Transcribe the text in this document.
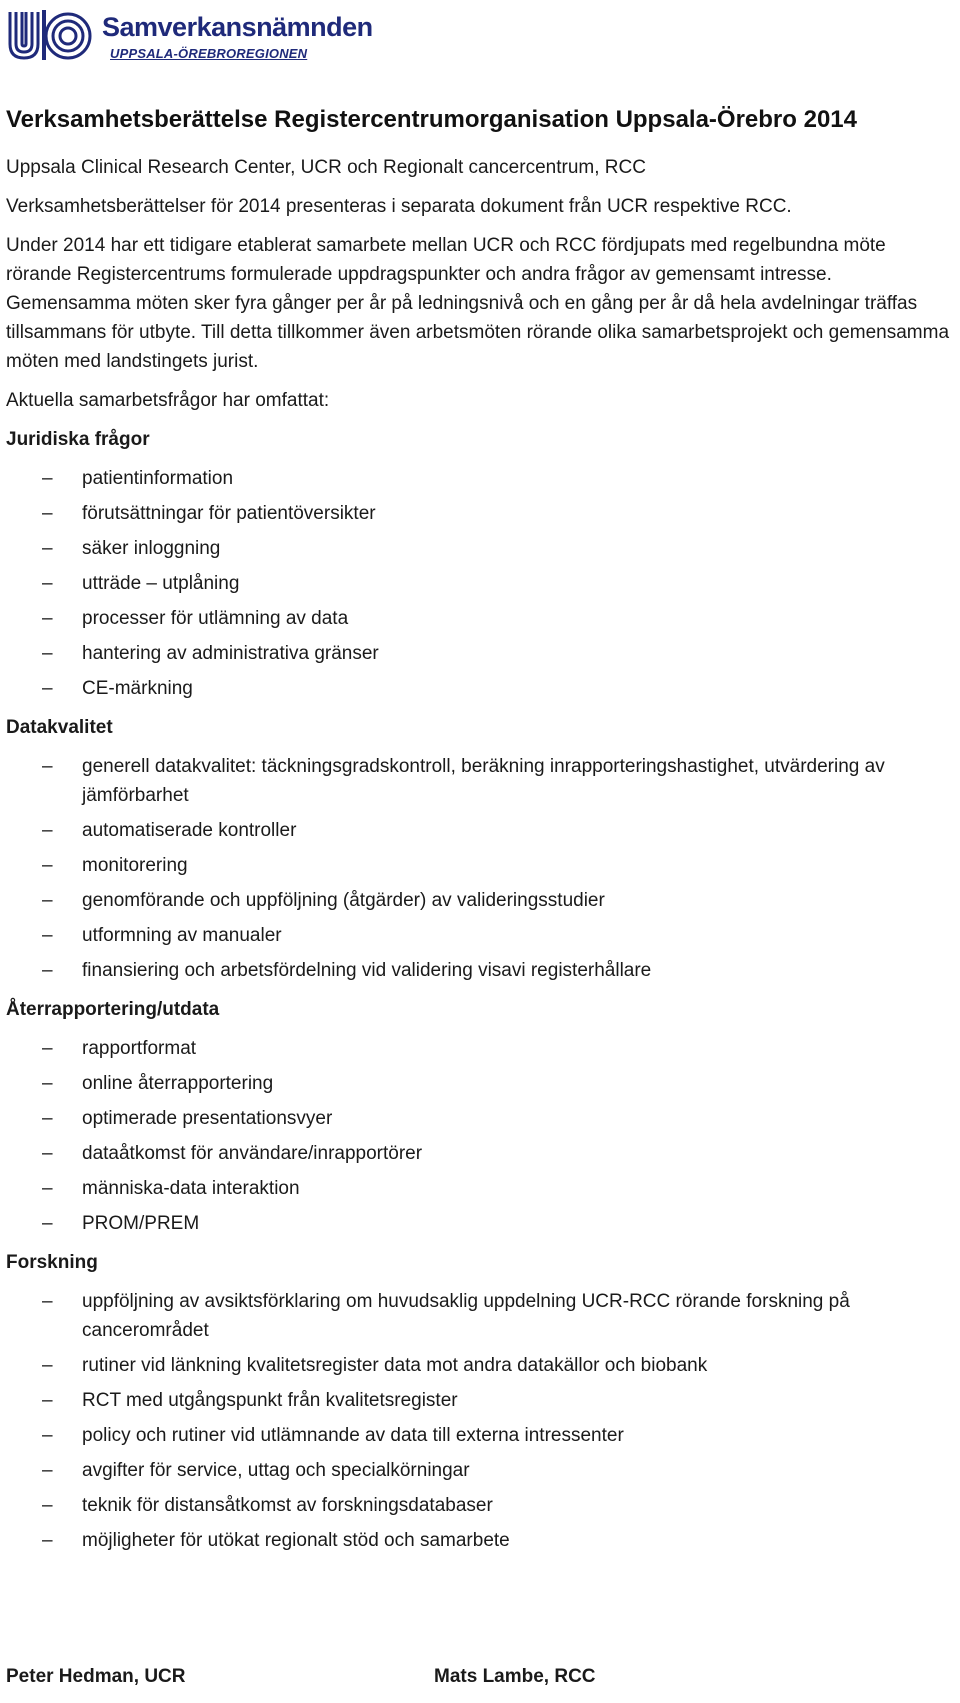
Samverkansnämnden
UPPSALA-ÖREBROREGIONEN
Verksamhetsberättelse Registercentrumorganisation Uppsala-Örebro 2014

Uppsala Clinical Research Center, UCR och Regionalt cancercentrum, RCC

Verksamhetsberättelser för 2014 presenteras i separata dokument från UCR respektive RCC.

Under 2014 har ett tidigare etablerat samarbete mellan UCR och RCC fördjupats med regelbundna möte rörande Registercentrums formulerade uppdragspunkter och andra frågor av gemensamt intresse. Gemensamma möten sker fyra gånger per år på ledningsnivå och en gång per år då hela avdelningar träffas tillsammans för utbyte. Till detta tillkommer även arbetsmöten rörande olika samarbetsprojekt och gemensamma möten med landstingets jurist.

Aktuella samarbetsfrågor har omfattat:

Juridiska frågor
– patientinformation
– förutsättningar för patientöversikter
– säker inloggning
– utträde – utplåning
– processer för utlämning av data
– hantering av administrativa gränser
– CE-märkning
Datakvalitet
– generell datakvalitet: täckningsgradskontroll, beräkning inrapporteringshastighet, utvärdering av jämförbarhet
– automatiserade kontroller
– monitorering
– genomförande och uppföljning (åtgärder) av valideringsstudier
– utformning av manualer
– finansiering och arbetsfördelning vid validering visavi registerhållare
Återrapportering/utdata
– rapportformat
– online återrapportering
– optimerade presentationsvyer
– dataåtkomst för användare/inrapportörer
– människa-data interaktion
– PROM/PREM
Forskning
– uppföljning av avsiktsförklaring om huvudsaklig uppdelning UCR-RCC rörande forskning på cancerområdet
– rutiner vid länkning kvalitetsregister data mot andra datakällor och biobank
– RCT med utgångspunkt från kvalitetsregister
– policy och rutiner vid utlämnande av data till externa intressenter
– avgifter för service, uttag och specialkörningar
– teknik för distansåtkomst av forskningsdatabaser
– möjligheter för utökat regionalt stöd och samarbete
Peter Hedman, UCR	Mats Lambe, RCC
